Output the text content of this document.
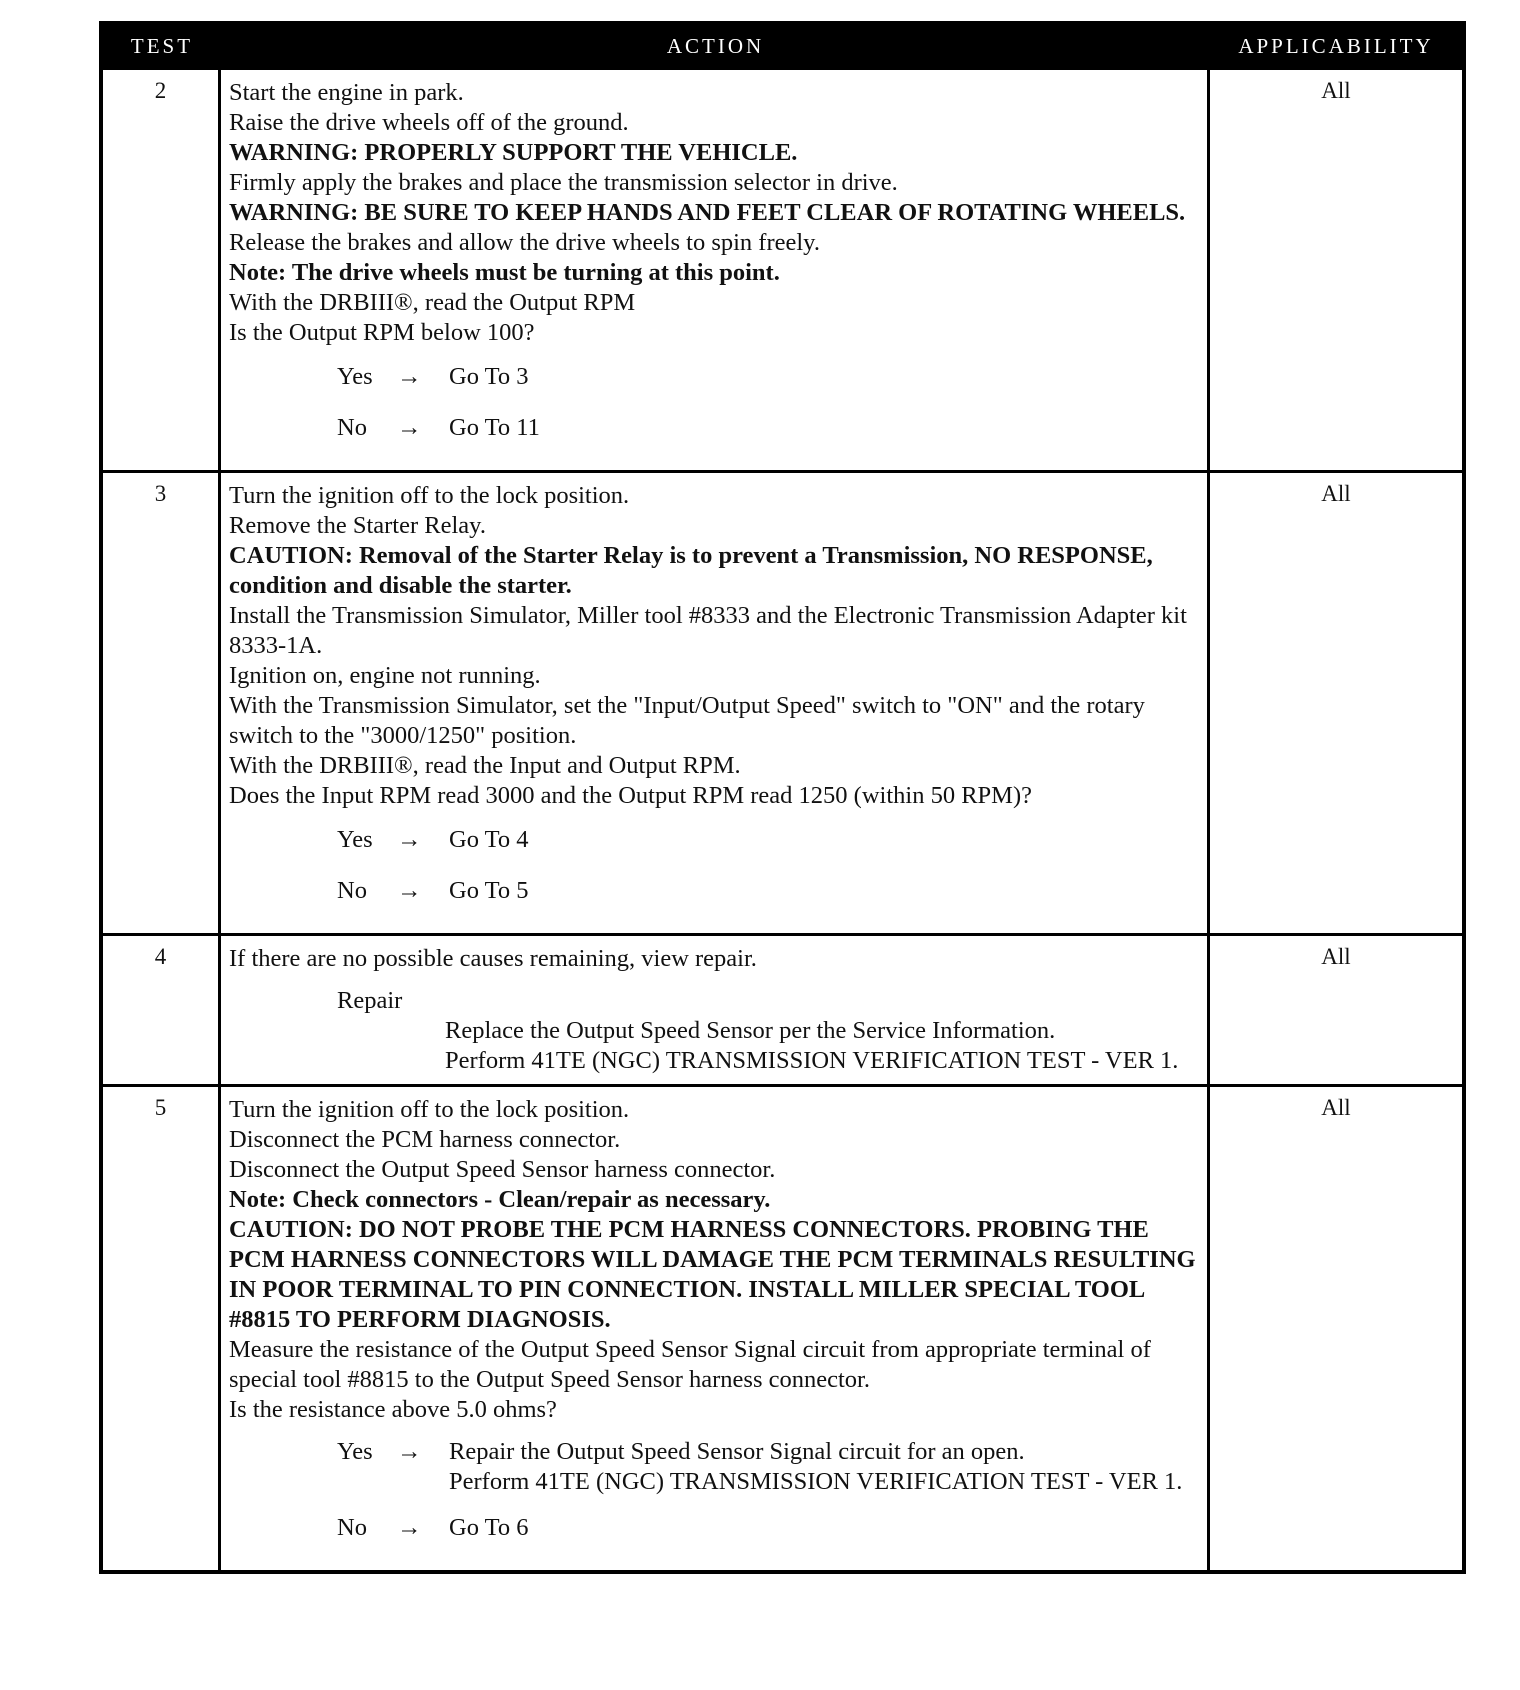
TEST	ACTION	APPLICABILITY
2	Start the engine in park.
Raise the drive wheels off of the ground.
WARNING: PROPERLY SUPPORT THE VEHICLE.
Firmly apply the brakes and place the transmission selector in drive.
WARNING: BE SURE TO KEEP HANDS AND FEET CLEAR OF ROTATING WHEELS.
Release the brakes and allow the drive wheels to spin freely.
Note: The drive wheels must be turning at this point.
With the DRBIII®, read the Output RPM
Is the Output RPM below 100?
Yes →	Go To 3
No	→	Go To 11
All
3	Turn the ignition off to the lock position.
Remove the Starter Relay.
CAUTION: Removal of the Starter Relay is to prevent a Transmission, NO RESPONSE, condition and disable the starter.
Install the Transmission Simulator, Miller tool #8333 and the Electronic Transmission Adapter kit 8333-1A.
Ignition on, engine not running.
With the Transmission Simulator, set the "Input/Output Speed" switch to "ON" and the rotary switch to the "3000/1250" position.
With the DRBIII®, read the Input and Output RPM.
Does the Input RPM read 3000 and the Output RPM read 1250 (within 50 RPM)?
Yes →	Go To 4
No	→	Go To 5
All
4	If there are no possible causes remaining, view repair.
Repair
Replace the Output Speed Sensor per the Service Information.
Perform 41TE (NGC) TRANSMISSION VERIFICATION TEST - VER 1.
All
5	Turn the ignition off to the lock position.
Disconnect the PCM harness connector.
Disconnect the Output Speed Sensor harness connector.
Note: Check connectors - Clean/repair as necessary.
CAUTION: DO NOT PROBE THE PCM HARNESS CONNECTORS. PROBING THE PCM HARNESS CONNECTORS WILL DAMAGE THE PCM TERMINALS RESULTING IN POOR TERMINAL TO PIN CONNECTION. INSTALL MILLER SPECIAL TOOL #8815 TO PERFORM DIAGNOSIS.
Measure the resistance of the Output Speed Sensor Signal circuit from appropriate terminal of special tool #8815 to the Output Speed Sensor harness connector.
Is the resistance above 5.0 ohms?
Yes →	Repair the Output Speed Sensor Signal circuit for an open.
Perform 41TE (NGC) TRANSMISSION VERIFICATION TEST - VER 1.
No	→	Go To 6
All
